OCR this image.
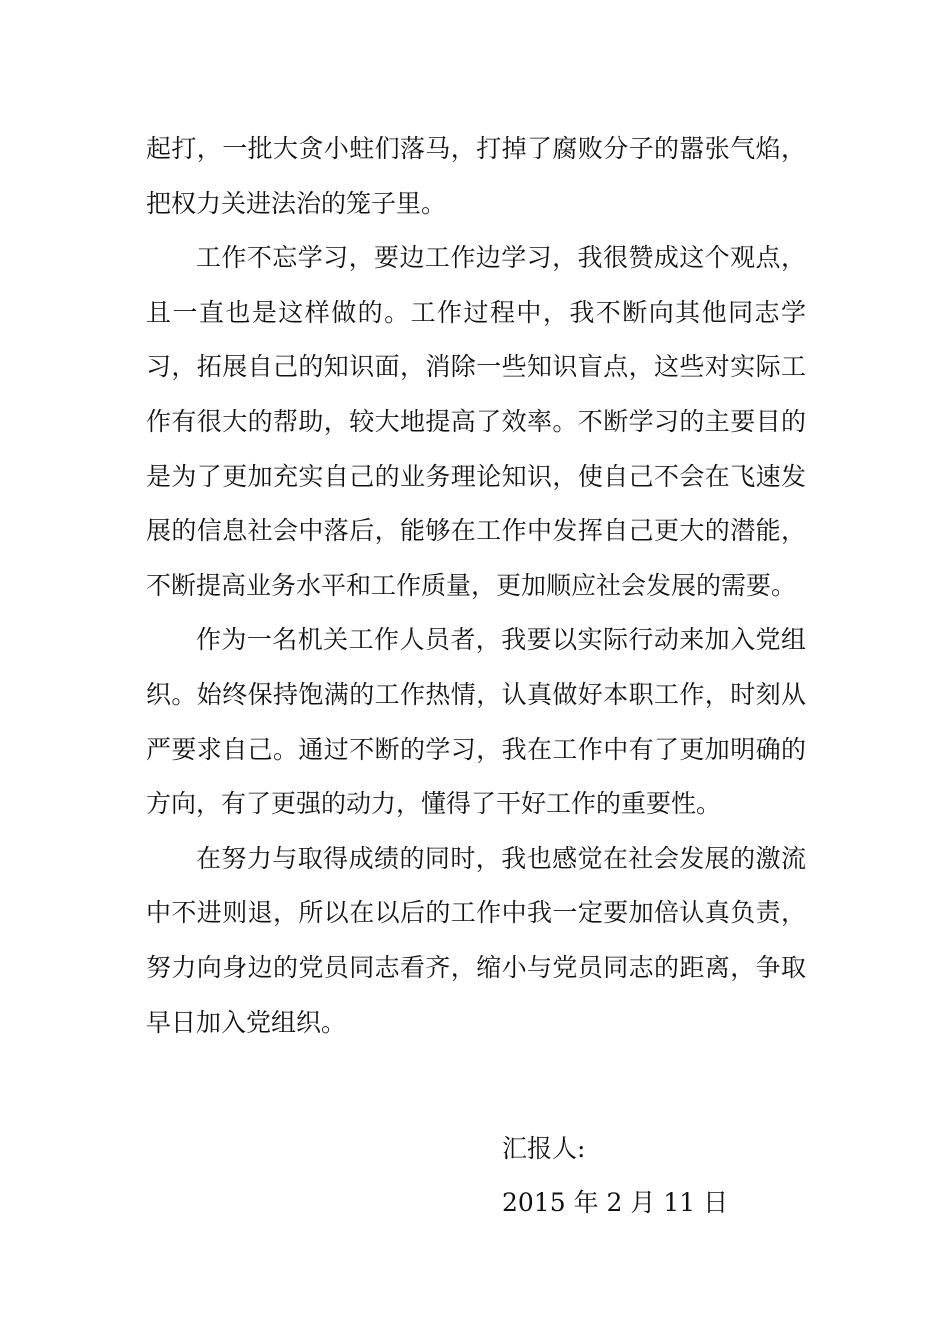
起打，一批大贪小蛀们落马，打掉了腐败分子的嚣张气焰，把权力关进法治的笼子里。

工作不忘学习，要边工作边学习，我很赞成这个观点，且一直也是这样做的。工作过程中，我不断向其他同志学习，拓展自己的知识面，消除一些知识盲点，这些对实际工作有很大的帮助，较大地提高了效率。不断学习的主要目的是为了更加充实自己的业务理论知识，使自己不会在飞速发展的信息社会中落后，能够在工作中发挥自己更大的潜能，不断提高业务水平和工作质量，更加顺应社会发展的需要。

作为一名机关工作人员者，我要以实际行动来加入党组织。始终保持饱满的工作热情，认真做好本职工作，时刻从严要求自己。通过不断的学习，我在工作中有了更加明确的方向，有了更强的动力，懂得了干好工作的重要性。

在努力与取得成绩的同时，我也感觉在社会发展的激流中不进则退，所以在以后的工作中我一定要加倍认真负责，努力向身边的党员同志看齐，缩小与党员同志的距离，争取早日加入党组织。

汇报人:
2015 年 2 月 11 日
